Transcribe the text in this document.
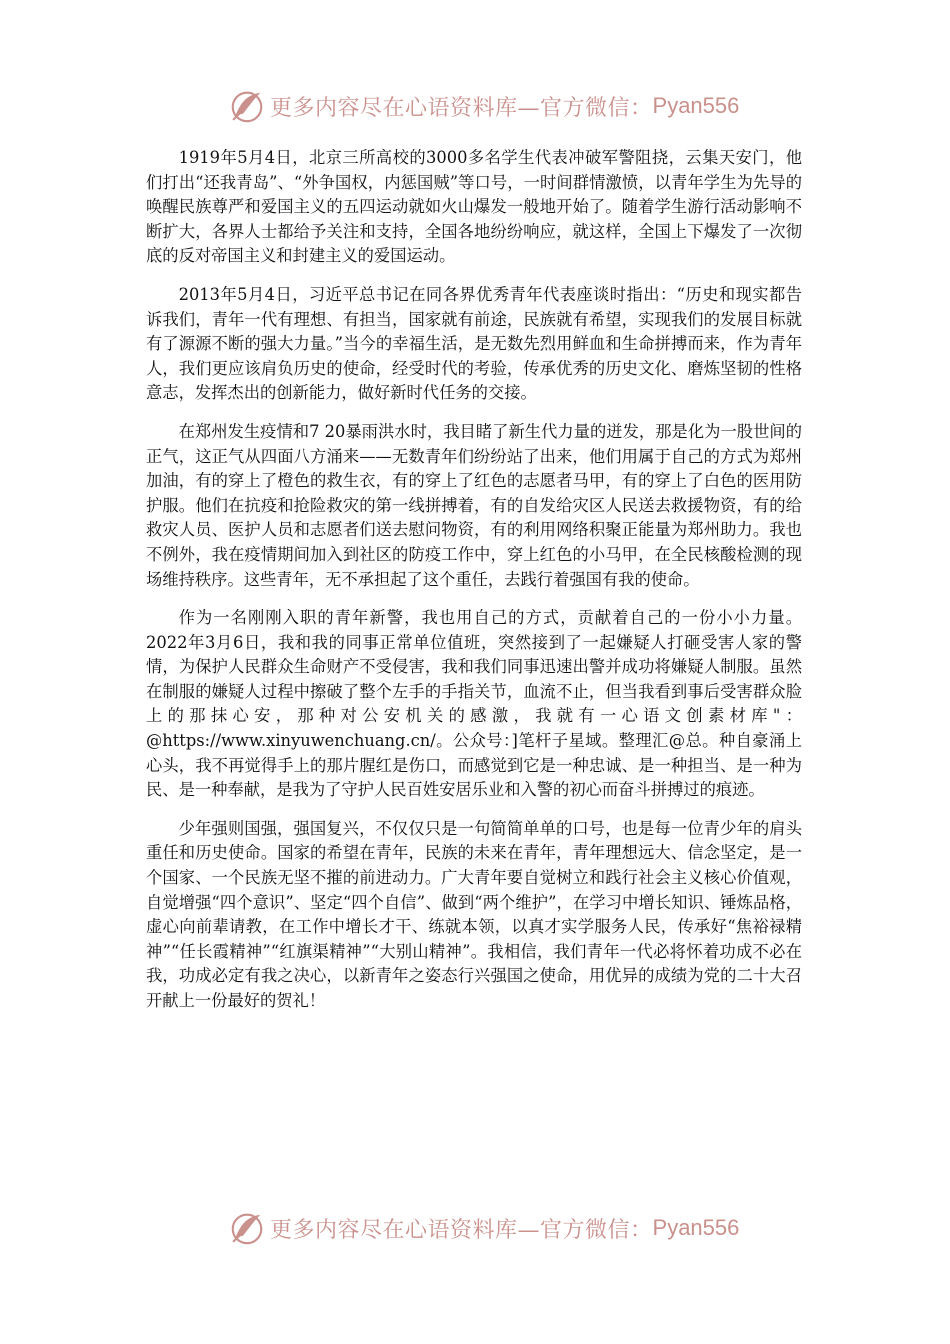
更多内容尽在心语资料库—官方微信： Pyan556

1919年5月4日，北京三所高校的3000多名学生代表冲破军警阻挠，云集天安门，他们打出“还我青岛”、“外争国权，内惩国贼”等口号，一时间群情激愤，以青年学生为先导的唤醒民族尊严和爱国主义的五四运动就如火山爆发一般地开始了。随着学生游行活动影响不断扩大，各界人士都给予关注和支持，全国各地纷纷响应，就这样，全国上下爆发了一次彻底的反对帝国主义和封建主义的爱国运动。

2013年5月4日，习近平总书记在同各界优秀青年代表座谈时指出：“历史和现实都告诉我们，青年一代有理想、有担当，国家就有前途，民族就有希望，实现我们的发展目标就有了源源不断的强大力量。”当今的幸福生活，是无数先烈用鲜血和生命拼搏而来，作为青年人，我们更应该肩负历史的使命，经受时代的考验，传承优秀的历史文化、磨炼坚韧的性格意志，发挥杰出的创新能力，做好新时代任务的交接。

在郑州发生疫情和7 20暴雨洪水时，我目睹了新生代力量的迸发，那是化为一股世间的正气，这正气从四面八方涌来——无数青年们纷纷站了出来，他们用属于自己的方式为郑州加油，有的穿上了橙色的救生衣，有的穿上了红色的志愿者马甲，有的穿上了白色的医用防护服。他们在抗疫和抢险救灾的第一线拼搏着，有的自发给灾区人民送去救援物资，有的给救灾人员、医护人员和志愿者们送去慰问物资，有的利用网络积聚正能量为郑州助力。我也不例外，我在疫情期间加入到社区的防疫工作中，穿上红色的小马甲，在全民核酸检测的现场维持秩序。这些青年，无不承担起了这个重任，去践行着强国有我的使命。

作为一名刚刚入职的青年新警，我也用自己的方式，贡献着自己的一份小小力量。2022年3月6日，我和我的同事正常单位值班，突然接到了一起嫌疑人打砸受害人家的警情，为保护人民群众生命财产不受侵害，我和我们同事迅速出警并成功将嫌疑人制服。虽然在制服的嫌疑人过程中擦破了整个左手的手指关节，血流不止，但当我看到事后受害群众脸上的那抹心安，那种对公安机关的感激，我就有一心语文创素材库"：@https://www.xinyuwenchuang.cn/。公众号：]笔杆子星域。整理汇@总。种自豪涌上心头，我不再觉得手上的那片腥红是伤口，而感觉到它是一种忠诚、是一种担当、是一种为民、是一种奉献，是我为了守护人民百姓安居乐业和入警的初心而奋斗拼搏过的痕迹。

少年强则国强，强国复兴，不仅仅只是一句简简单单的口号，也是每一位青少年的肩头重任和历史使命。国家的希望在青年，民族的未来在青年，青年理想远大、信念坚定，是一个国家、一个民族无坚不摧的前进动力。广大青年要自觉树立和践行社会主义核心价值观，自觉增强“四个意识”、坚定“四个自信”、做到“两个维护”，在学习中增长知识、锤炼品格，虚心向前辈请教，在工作中增长才干、练就本领，以真才实学服务人民，传承好“焦裕禄精神”“任长霞精神”“红旗渠精神”“大别山精神”。我相信，我们青年一代必将怀着功成不必在我，功成必定有我之决心，以新青年之姿态行兴强国之使命，用优异的成绩为党的二十大召开献上一份最好的贺礼！

更多内容尽在心语资料库—官方微信： Pyan556
